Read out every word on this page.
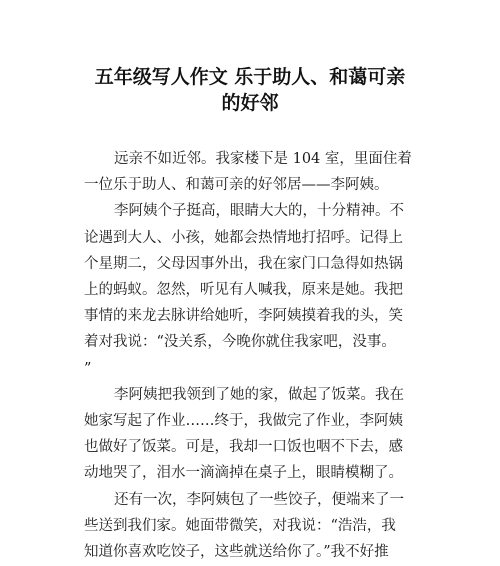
五年级写人作文 乐于助人、和蔼可亲
的好邻
远亲不如近邻。我家楼下是 104 室，里面住着
一位乐于助人、和蔼可亲的好邻居——李阿姨。
李阿姨个子挺高，眼睛大大的，十分精神。不
论遇到大人、小孩，她都会热情地打招呼。记得上
个星期二，父母因事外出，我在家门口急得如热锅
上的蚂蚁。忽然，听见有人喊我，原来是她。我把
事情的来龙去脉讲给她听，李阿姨摸着我的头，笑
着对我说：“没关系，今晚你就住我家吧，没事。
”
李阿姨把我领到了她的家，做起了饭菜。我在
她家写起了作业……终于，我做完了作业，李阿姨
也做好了饭菜。可是，我却一口饭也咽不下去，感
动地哭了，泪水一滴滴掉在桌子上，眼睛模糊了。
还有一次，李阿姨包了一些饺子，便端来了一
些送到我们家。她面带微笑，对我说：“浩浩，我
知道你喜欢吃饺子，这些就送给你了。”我不好推
